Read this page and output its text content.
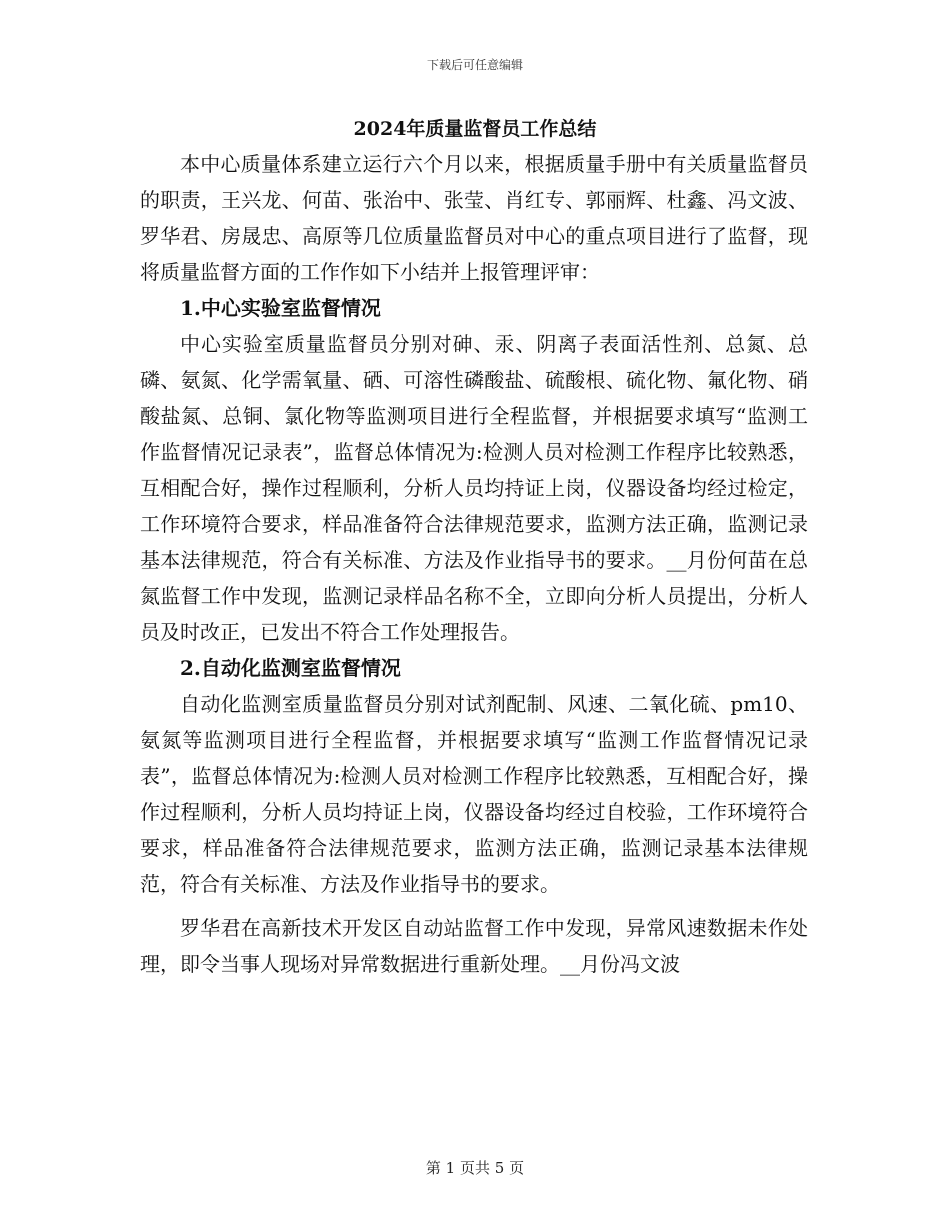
下载后可任意编辑
2024年质量监督员工作总结

本中心质量体系建立运行六个月以来，根据质量手册中有关质量监督员的职责，王兴龙、何苗、张治中、张莹、肖红专、郭丽辉、杜鑫、冯文波、罗华君、房晟忠、高原等几位质量监督员对中心的重点项目进行了监督，现将质量监督方面的工作作如下小结并上报管理评审：

1.中心实验室监督情况

中心实验室质量监督员分别对砷、汞、阴离子表面活性剂、总氮、总磷、氨氮、化学需氧量、硒、可溶性磷酸盐、硫酸根、硫化物、氟化物、硝酸盐氮、总铜、氯化物等监测项目进行全程监督，并根据要求填写“监测工作监督情况记录表”，监督总体情况为:检测人员对检测工作程序比较熟悉，互相配合好，操作过程顺利，分析人员均持证上岗，仪器设备均经过检定，工作环境符合要求，样品准备符合法律规范要求，监测方法正确，监测记录基本法律规范，符合有关标准、方法及作业指导书的要求。__月份何苗在总氮监督工作中发现，监测记录样品名称不全，立即向分析人员提出，分析人员及时改正，已发出不符合工作处理报告。

2.自动化监测室监督情况

自动化监测室质量监督员分别对试剂配制、风速、二氧化硫、pm10、氨氮等监测项目进行全程监督，并根据要求填写“监测工作监督情况记录表”，监督总体情况为:检测人员对检测工作程序比较熟悉，互相配合好，操作过程顺利，分析人员均持证上岗，仪器设备均经过自校验，工作环境符合要求，样品准备符合法律规范要求，监测方法正确，监测记录基本法律规范，符合有关标准、方法及作业指导书的要求。

罗华君在高新技术开发区自动站监督工作中发现，异常风速数据未作处理，即令当事人现场对异常数据进行重新处理。__月份冯文波

第 1 页共 5 页
